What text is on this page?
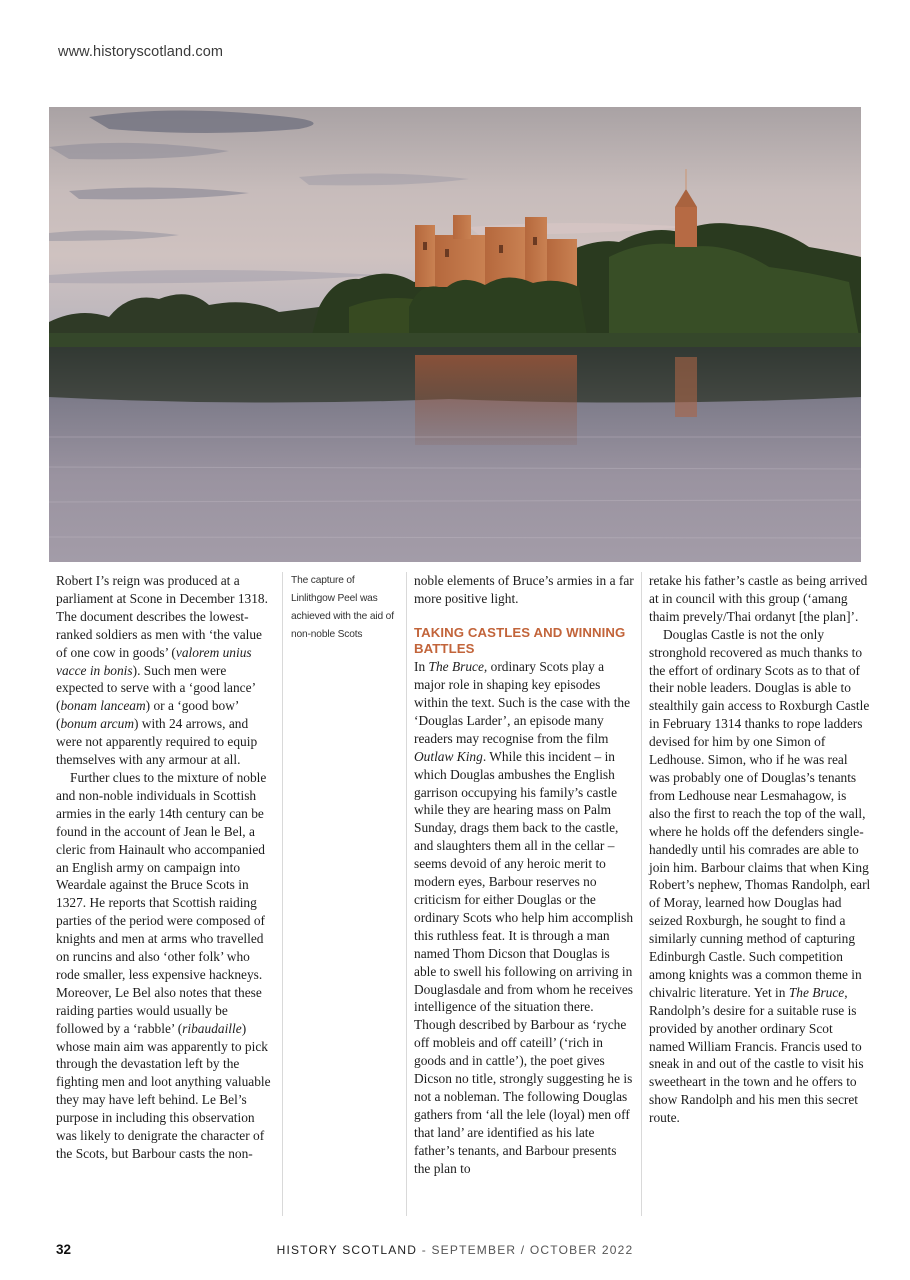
www.historyscotland.com

Robert I’s reign was produced at a parliament at Scone in December 1318. The document describes the lowest-ranked soldiers as men with ‘the value of one cow in goods’ (valorem unius vacce in bonis). Such men were expected to serve with a ‘good lance’ (bonam lanceam) or a ‘good bow’ (bonum arcum) with 24 arrows, and were not apparently required to equip themselves with any armour at all.

Further clues to the mixture of noble and non-noble individuals in Scottish armies in the early 14th century can be found in the account of Jean le Bel, a cleric from Hainault who accompanied an English army on campaign into Weardale against the Bruce Scots in 1327. He reports that Scottish raiding parties of the period were composed of knights and men at arms who travelled on runcins and also ‘other folk’ who rode smaller, less expensive hackneys. Moreover, Le Bel also notes that these raiding parties would usually be followed by a ‘rabble’ (ribaudaille) whose main aim was apparently to pick through the devastation left by the fighting men and loot anything valuable they may have left behind. Le Bel’s purpose in including this observation was likely to denigrate the character of the Scots, but Barbour casts the non-

The capture of Linlithgow Peel was achieved with the aid of non-noble Scots

noble elements of Bruce’s armies in a far more positive light.

TAKING CASTLES AND WINNING BATTLES

In The Bruce, ordinary Scots play a major role in shaping key episodes within the text. Such is the case with the ‘Douglas Larder’, an episode many readers may recognise from the film Outlaw King. While this incident – in which Douglas ambushes the English garrison occupying his family’s castle while they are hearing mass on Palm Sunday, drags them back to the castle, and slaughters them all in the cellar – seems devoid of any heroic merit to modern eyes, Barbour reserves no criticism for either Douglas or the ordinary Scots who help him accomplish this ruthless feat. It is through a man named Thom Dicson that Douglas is able to swell his following on arriving in Douglasdale and from whom he receives intelligence of the situation there. Though described by Barbour as ‘ryche off mobleis and off cateill’ (‘rich in goods and in cattle’), the poet gives Dicson no title, strongly suggesting he is not a nobleman. The following Douglas gathers from ‘all the lele (loyal) men off that land’ are identified as his late father’s tenants, and Barbour presents the plan to

retake his father’s castle as being arrived at in council with this group (‘amang thaim prevely/Thai ordanyt [the plan]’.

Douglas Castle is not the only stronghold recovered as much thanks to the effort of ordinary Scots as to that of their noble leaders. Douglas is able to stealthily gain access to Roxburgh Castle in February 1314 thanks to rope ladders devised for him by one Simon of Ledhouse. Simon, who if he was real was probably one of Douglas’s tenants from Ledhouse near Lesmahagow, is also the first to reach the top of the wall, where he holds off the defenders single-handedly until his comrades are able to join him. Barbour claims that when King Robert’s nephew, Thomas Randolph, earl of Moray, learned how Douglas had seized Roxburgh, he sought to find a similarly cunning method of capturing Edinburgh Castle. Such competition among knights was a common theme in chivalric literature. Yet in The Bruce, Randolph’s desire for a suitable ruse is provided by another ordinary Scot named William Francis. Francis used to sneak in and out of the castle to visit his sweetheart in the town and he offers to show Randolph and his men this secret route.

32	HISTORY SCOTLAND - SEPTEMBER / OCTOBER 2022
